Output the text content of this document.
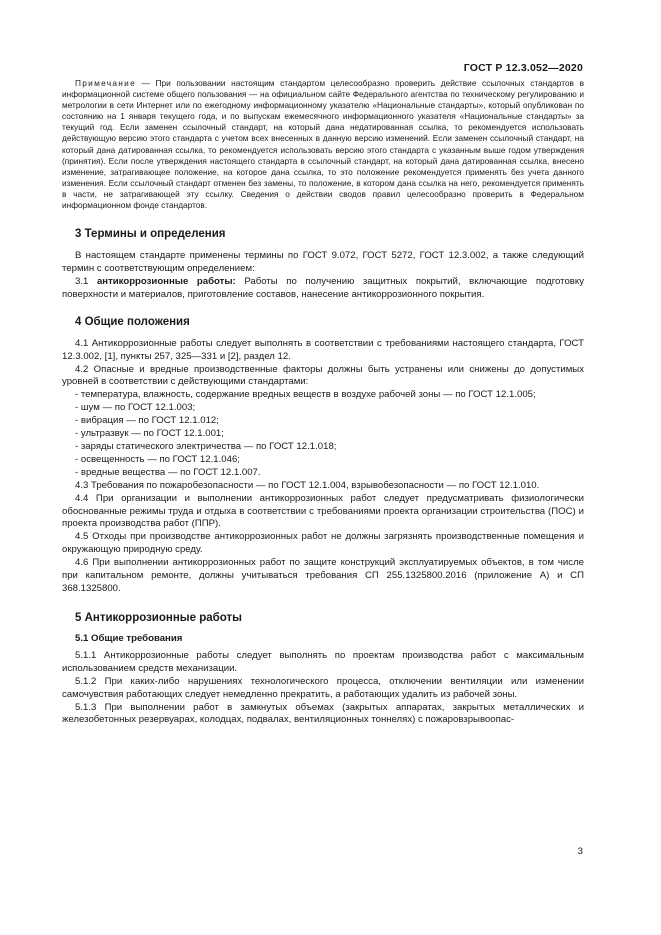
ГОСТ Р 12.3.052—2020

Примечание — При пользовании настоящим стандартом целесообразно проверить действие ссылочных стандартов в информационной системе общего пользования — на официальном сайте Федерального агентства по техническому регулированию и метрологии в сети Интернет или по ежегодному информационному указателю «Национальные стандарты», который опубликован по состоянию на 1 января текущего года, и по выпускам ежемесячного информационного указателя «Национальные стандарты» за текущий год. Если заменен ссылочный стандарт, на который дана недатированная ссылка, то рекомендуется использовать действующую версию этого стандарта с учетом всех внесенных в данную версию изменений. Если заменен ссылочный стандарт, на который дана датированная ссылка, то рекомендуется использовать версию этого стандарта с указанным выше годом утверждения (принятия). Если после утверждения настоящего стандарта в ссылочный стандарт, на который дана датированная ссылка, внесено изменение, затрагивающее положение, на которое дана ссылка, то это положение рекомендуется применять без учета данного изменения. Если ссылочный стандарт отменен без замены, то положение, в котором дана ссылка на него, рекомендуется применять в части, не затрагивающей эту ссылку. Сведения о действии сводов правил целесообразно проверить в Федеральном информационном фонде стандартов.

3 Термины и определения

В настоящем стандарте применены термины по ГОСТ 9.072, ГОСТ 5272, ГОСТ 12.3.002, а также следующий термин с соответствующим определением:

3.1 антикоррозионные работы: Работы по получению защитных покрытий, включающие подготовку поверхности и материалов, приготовление составов, нанесение антикоррозионного покрытия.

4 Общие положения

4.1 Антикоррозионные работы следует выполнять в соответствии с требованиями настоящего стандарта, ГОСТ 12.3.002, [1], пункты 257, 325—331 и [2], раздел 12.

4.2 Опасные и вредные производственные факторы должны быть устранены или снижены до допустимых уровней в соответствии с действующими стандартами:

- температура, влажность, содержание вредных веществ в воздухе рабочей зоны — по ГОСТ 12.1.005;

- шум — по ГОСТ 12.1.003;

- вибрация — по ГОСТ 12.1.012;

- ультразвук — по ГОСТ 12.1.001;

- заряды статического электричества — по ГОСТ 12.1.018;

- освещенность — по ГОСТ 12.1.046;

- вредные вещества — по ГОСТ 12.1.007.

4.3 Требования по пожаробезопасности — по ГОСТ 12.1.004, взрывобезопасности — по ГОСТ 12.1.010.

4.4 При организации и выполнении антикоррозионных работ следует предусматривать физиологически обоснованные режимы труда и отдыха в соответствии с требованиями проекта организации строительства (ПОС) и проекта производства работ (ППР).

4.5 Отходы при производстве антикоррозионных работ не должны загрязнять производственные помещения и окружающую природную среду.

4.6 При выполнении антикоррозионных работ по защите конструкций эксплуатируемых объектов, в том числе при капитальном ремонте, должны учитываться требования СП 255.1325800.2016 (приложение А) и СП 368.1325800.

5 Антикоррозионные работы
5.1 Общие требования

5.1.1 Антикоррозионные работы следует выполнять по проектам производства работ с максимальным использованием средств механизации.

5.1.2 При каких-либо нарушениях технологического процесса, отключении вентиляции или изменении самочувствия работающих следует немедленно прекратить, а работающих удалить из рабочей зоны.

5.1.3 При выполнении работ в замкнутых объемах (закрытых аппаратах, закрытых металлических и железобетонных резервуарах, колодцах, подвалах, вентиляционных тоннелях) с пожаровзрывоопас-

3
